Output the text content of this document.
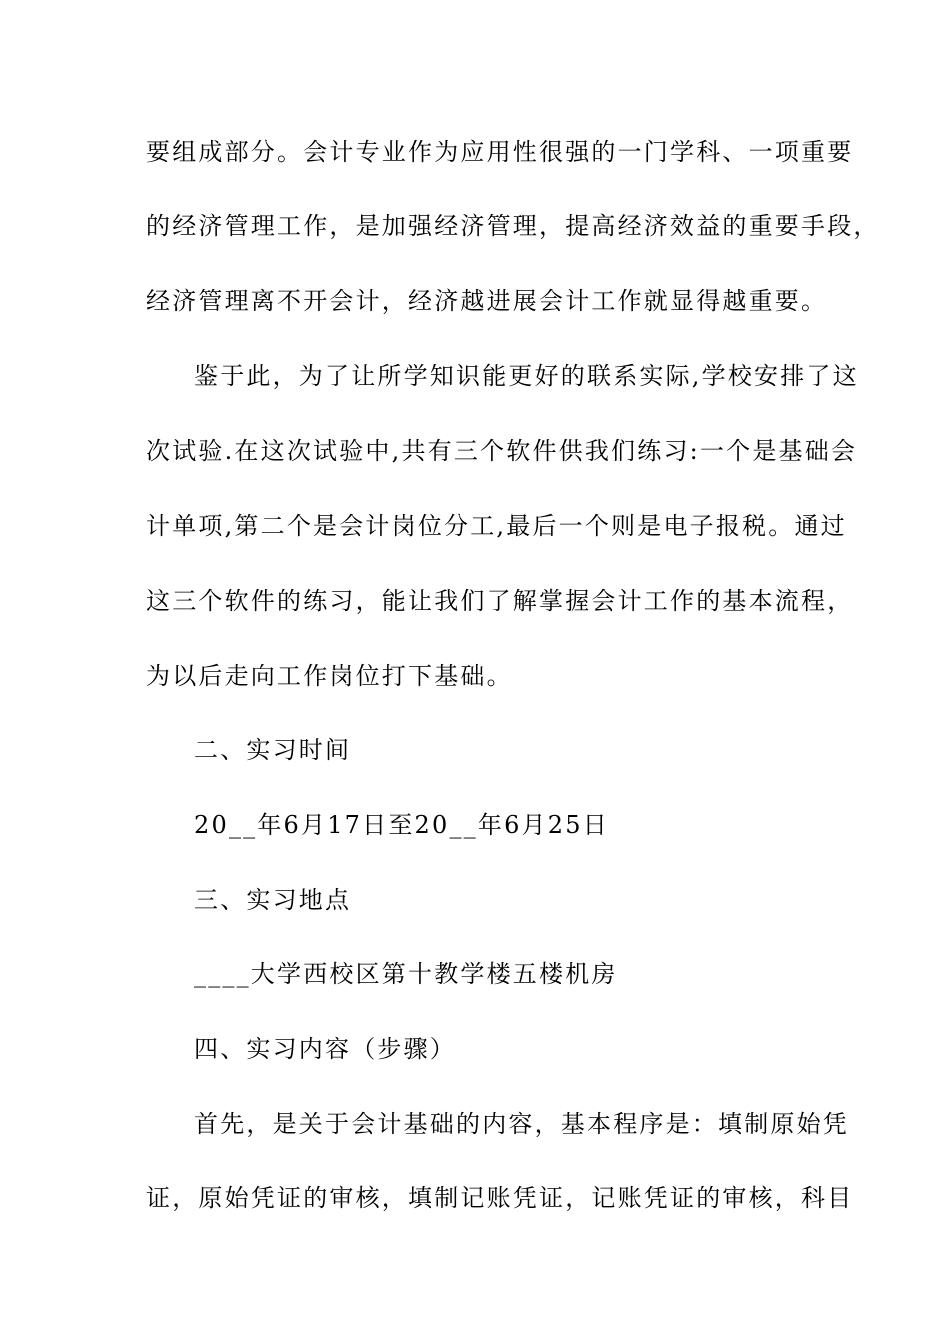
要组成部分。会计专业作为应用性很强的一门学科、一项重要
的经济管理工作，是加强经济管理，提高经济效益的重要手段，
经济管理离不开会计，经济越进展会计工作就显得越重要。
鉴于此，为了让所学知识能更好的联系实际,学校安排了这
次试验.在这次试验中,共有三个软件供我们练习:一个是基础会
计单项,第二个是会计岗位分工,最后一个则是电子报税。通过
这三个软件的练习，能让我们了解掌握会计工作的基本流程，
为以后走向工作岗位打下基础。
二、实习时间
20__年6月17日至20__年6月25日
三、实习地点
____大学西校区第十教学楼五楼机房
四、实习内容（步骤）
首先，是关于会计基础的内容，基本程序是：填制原始凭
证，原始凭证的审核，填制记账凭证，记账凭证的审核，科目
